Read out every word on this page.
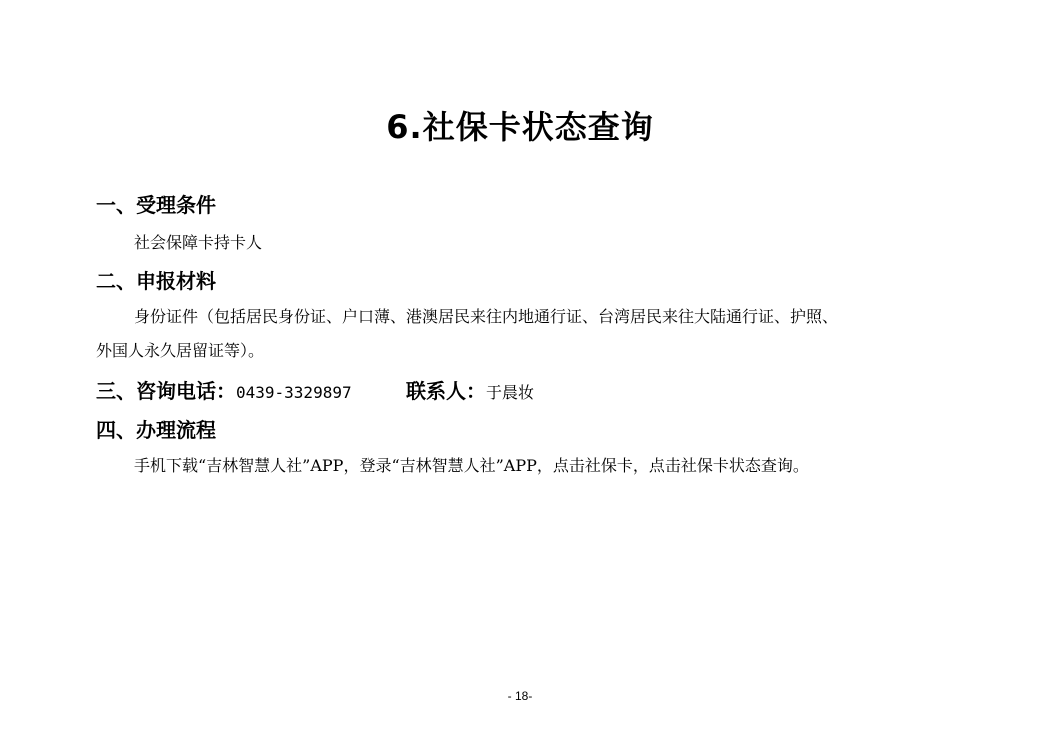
6.社保卡状态查询
一、受理条件
社会保障卡持卡人
二、申报材料
身份证件（包括居民身份证、户口薄、港澳居民来往内地通行证、台湾居民来往大陆通行证、护照、
外国人永久居留证等）。
三、咨询电话：0439-3329897	联系人：于晨妆
四、办理流程
手机下载“吉林智慧人社”APP，登录“吉林智慧人社”APP，点击社保卡，点击社保卡状态查询。
- 18-
